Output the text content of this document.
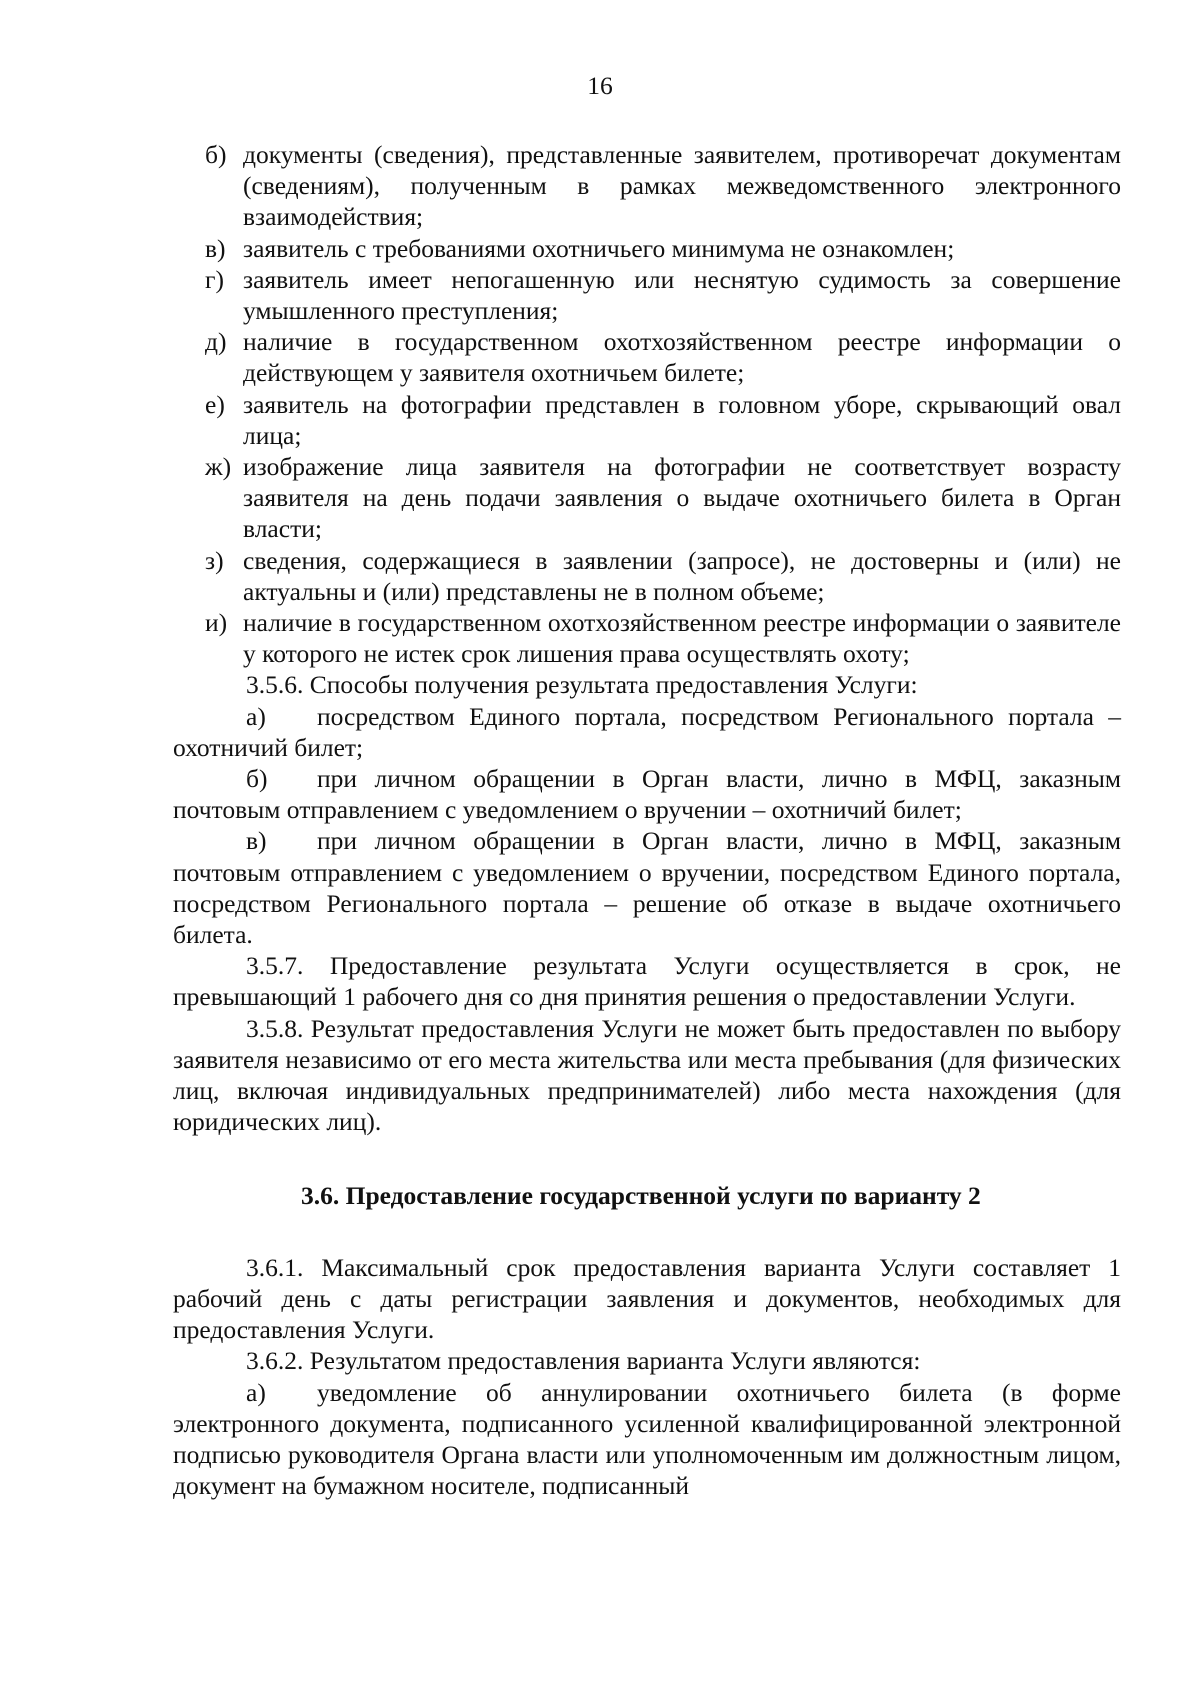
16
б) документы (сведения), представленные заявителем, противоречат документам (сведениям), полученным в рамках межведомственного электронного взаимодействия;
в) заявитель с требованиями охотничьего минимума не ознакомлен;
г) заявитель имеет непогашенную или неснятую судимость за совершение умышленного преступления;
д) наличие в государственном охотхозяйственном реестре информации о действующем у заявителя охотничьем билете;
е) заявитель на фотографии представлен в головном уборе, скрывающий овал лица;
ж) изображение лица заявителя на фотографии не соответствует возрасту заявителя на день подачи заявления о выдаче охотничьего билета в Орган власти;
з) сведения, содержащиеся в заявлении (запросе), не достоверны и (или) не актуальны и (или) представлены не в полном объеме;
и) наличие в государственном охотхозяйственном реестре информации о заявителе у которого не истек срок лишения права осуществлять охоту;

3.5.6. Способы получения результата предоставления Услуги:

а) посредством Единого портала, посредством Регионального портала – охотничий билет;

б) при личном обращении в Орган власти, лично в МФЦ, заказным почтовым отправлением с уведомлением о вручении – охотничий билет;

в) при личном обращении в Орган власти, лично в МФЦ, заказным почтовым отправлением с уведомлением о вручении, посредством Единого портала, посредством Регионального портала – решение об отказе в выдаче охотничьего билета.

3.5.7. Предоставление результата Услуги осуществляется в срок, не превышающий 1 рабочего дня со дня принятия решения о предоставлении Услуги.

3.5.8. Результат предоставления Услуги не может быть предоставлен по выбору заявителя независимо от его места жительства или места пребывания (для физических лиц, включая индивидуальных предпринимателей) либо места нахождения (для юридических лиц).

3.6. Предоставление государственной услуги по варианту 2

3.6.1. Максимальный срок предоставления варианта Услуги составляет 1 рабочий день с даты регистрации заявления и документов, необходимых для предоставления Услуги.

3.6.2. Результатом предоставления варианта Услуги являются:

а) уведомление об аннулировании охотничьего билета (в форме электронного документа, подписанного усиленной квалифицированной электронной подписью руководителя Органа власти или уполномоченным им должностным лицом, документ на бумажном носителе, подписанный
